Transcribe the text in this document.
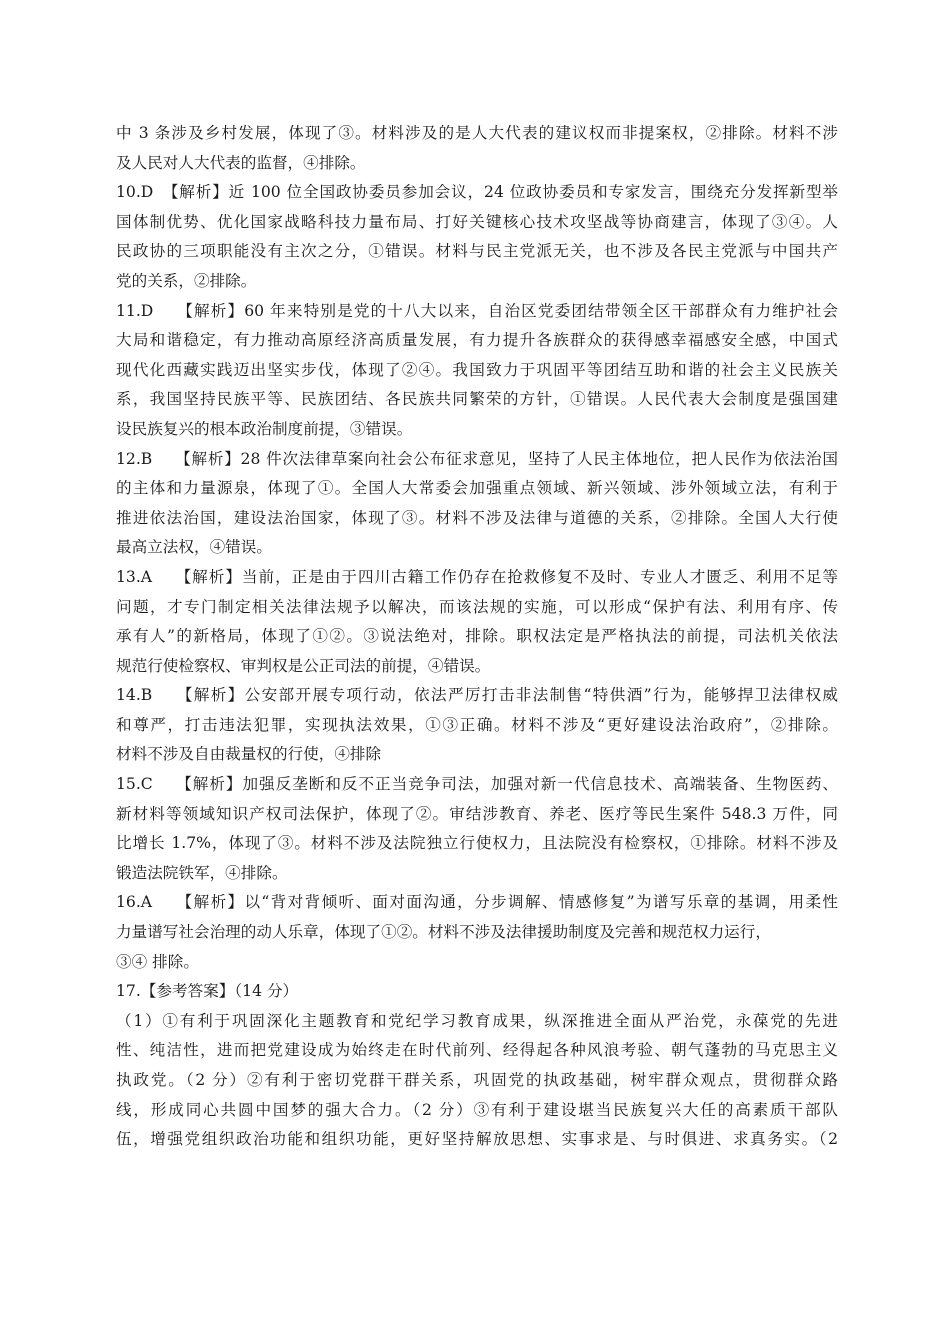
中 3 条涉及乡村发展，体现了③。材料涉及的是人大代表的建议权而非提案权，②排除。材料不涉
及人民对人大代表的监督，④排除。
10.D　【解析】近 100 位全国政协委员参加会议，24 位政协委员和专家发言，围绕充分发挥新型举
国体制优势、优化国家战略科技力量布局、打好关键核心技术攻坚战等协商建言，体现了③④。人
民政协的三项职能没有主次之分，①错误。材料与民主党派无关，也不涉及各民主党派与中国共产
党的关系，②排除。
11.D　 【解析】60 年来特别是党的十八大以来，自治区党委团结带领全区干部群众有力维护社会
大局和谐稳定，有力推动高原经济高质量发展，有力提升各族群众的获得感幸福感安全感，中国式
现代化西藏实践迈出坚实步伐，体现了②④。我国致力于巩固平等团结互助和谐的社会主义民族关
系，我国坚持民族平等、民族团结、各民族共同繁荣的方针，①错误。人民代表大会制度是强国建
设民族复兴的根本政治制度前提，③错误。
12.B　 【解析】28 件次法律草案向社会公布征求意见，坚持了人民主体地位，把人民作为依法治国
的主体和力量源泉，体现了①。全国人大常委会加强重点领域、新兴领域、涉外领域立法，有利于
推进依法治国，建设法治国家，体现了③。材料不涉及法律与道德的关系，②排除。全国人大行使
最高立法权，④错误。
13.A　 【解析】当前，正是由于四川古籍工作仍存在抢救修复不及时、专业人才匮乏、利用不足等
问题，才专门制定相关法律法规予以解决，而该法规的实施，可以形成“保护有法、利用有序、传
承有人”的新格局，体现了①②。③说法绝对，排除。职权法定是严格执法的前提，司法机关依法
规范行使检察权、审判权是公正司法的前提，④错误。
14.B　 【解析】公安部开展专项行动，依法严厉打击非法制售“特供酒”行为，能够捍卫法律权威
和尊严，打击违法犯罪，实现执法效果，①③正确。材料不涉及“更好建设法治政府”，②排除。
材料不涉及自由裁量权的行使，④排除
15.C　 【解析】加强反垄断和反不正当竞争司法，加强对新一代信息技术、高端装备、生物医药、
新材料等领域知识产权司法保护，体现了②。审结涉教育、养老、医疗等民生案件 548.3 万件，同
比增长 1.7%，体现了③。材料不涉及法院独立行使权力，且法院没有检察权，①排除。材料不涉及
锻造法院铁军，④排除。
16.A　 【解析】以“背对背倾听、面对面沟通，分步调解、情感修复”为谱写乐章的基调，用柔性
力量谱写社会治理的动人乐章，体现了①②。材料不涉及法律援助制度及完善和规范权力运行，
③④ 排除。
17.【参考答案】（14 分）
（1）①有利于巩固深化主题教育和党纪学习教育成果，纵深推进全面从严治党，永葆党的先进
性、纯洁性，进而把党建设成为始终走在时代前列、经得起各种风浪考验、朝气蓬勃的马克思主义
执政党。（2 分）②有利于密切党群干群关系，巩固党的执政基础，树牢群众观点，贯彻群众路
线，形成同心共圆中国梦的强大合力。（2 分）③有利于建设堪当民族复兴大任的高素质干部队
伍，增强党组织政治功能和组织功能，更好坚持解放思想、实事求是、与时俱进、求真务实。（2
